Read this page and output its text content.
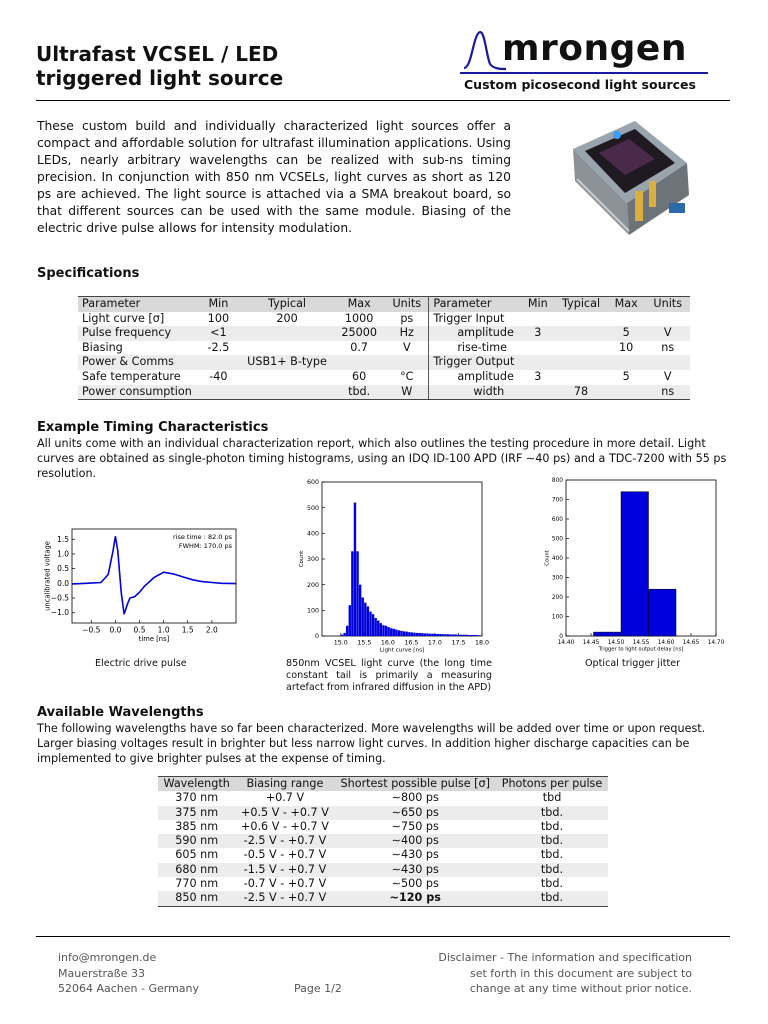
Ultrafast VCSEL / LED
triggered light source
mrongen
Custom picosecond light sources
These custom build and individually characterized light sources offer a compact and affordable solution for ultrafast illumination applications. Using LEDs, nearly arbitrary wavelengths can be realized with sub-ns timing precision. In conjunction with 850 nm VCSELs, light curves as short as 120 ps are achieved. The light source is attached via a SMA breakout board, so that different sources can be used with the same module. Biasing of the electric drive pulse allows for intensity modulation.
Specifications
Parameter	Min	Typical	Max	Units	Parameter	Min	Typical	Max	Units
Light curve [σ]	100	200	1000	ps	Trigger Input				
Pulse frequency	<1		25000	Hz	amplitude	3		5	V
Biasing	-2.5		0.7	V	rise-time			10	ns
Power & Comms		USB1+ B-type			Trigger Output				
Safe temperature	-40		60	°C	amplitude	3		5	V
Power consumption			tbd.	W	width		78		ns
Example Timing Characteristics
All units come with an individual characterization report, which also outlines the testing procedure in more detail. Light curves are obtained as single-photon timing histograms, using an IDQ ID-100 APD (IRF ∼40 ps) and a TDC-7200 with 55 ps resolution.
−0.5 0.0 0.5 1.0 1.5 2.0
−1.0
−0.5
0.0
0.5
1.0
1.5
time [ns]
uncalibrated voltage
rise time : 82.0 ps
FWHM: 170.0 ps
15.0 15.5 16.0 16.5 17.0 17.5 18.0
0
100
200
300
400
500
600
Light curve [ns]
Count
14.40 14.45 14.50 14.55 14.60 14.65 14.70
0
100
200
300
400
500
600
700
800
Trigger to light output delay [ns]
Count
Electric drive pulse	850nm VCSEL light curve (the long time constant tail is primarily a measuring artefact from infrared diffusion in the APD)
Optical trigger jitter
Available Wavelengths
The following wavelengths have so far been characterized. More wavelengths will be added over time or upon request. Larger biasing voltages result in brighter but less narrow light curves. In addition higher discharge capacities can be implemented to give brighter pulses at the expense of timing.
Wavelength	Biasing range	Shortest possible pulse [σ]	Photons per pulse
370 nm	+0.7 V	∼800 ps	tbd
375 nm	+0.5 V - +0.7 V	∼650 ps	tbd.
385 nm	+0.6 V - +0.7 V	∼750 ps	tbd.
590 nm	-2.5 V - +0.7 V	∼400 ps	tbd.
605 nm	-0.5 V - +0.7 V	∼430 ps	tbd.
680 nm	-1.5 V - +0.7 V	∼430 ps	tbd.
770 nm	-0.7 V - +0.7 V	∼500 ps	tbd.
850 nm	-2.5 V - +0.7 V	∼120 ps	tbd.
info@mrongen.de
Mauerstraße 33
52064 Aachen - Germany	Page 1/2
Disclaimer - The information and specification
set forth in this document are subject to
change at any time without prior notice.
